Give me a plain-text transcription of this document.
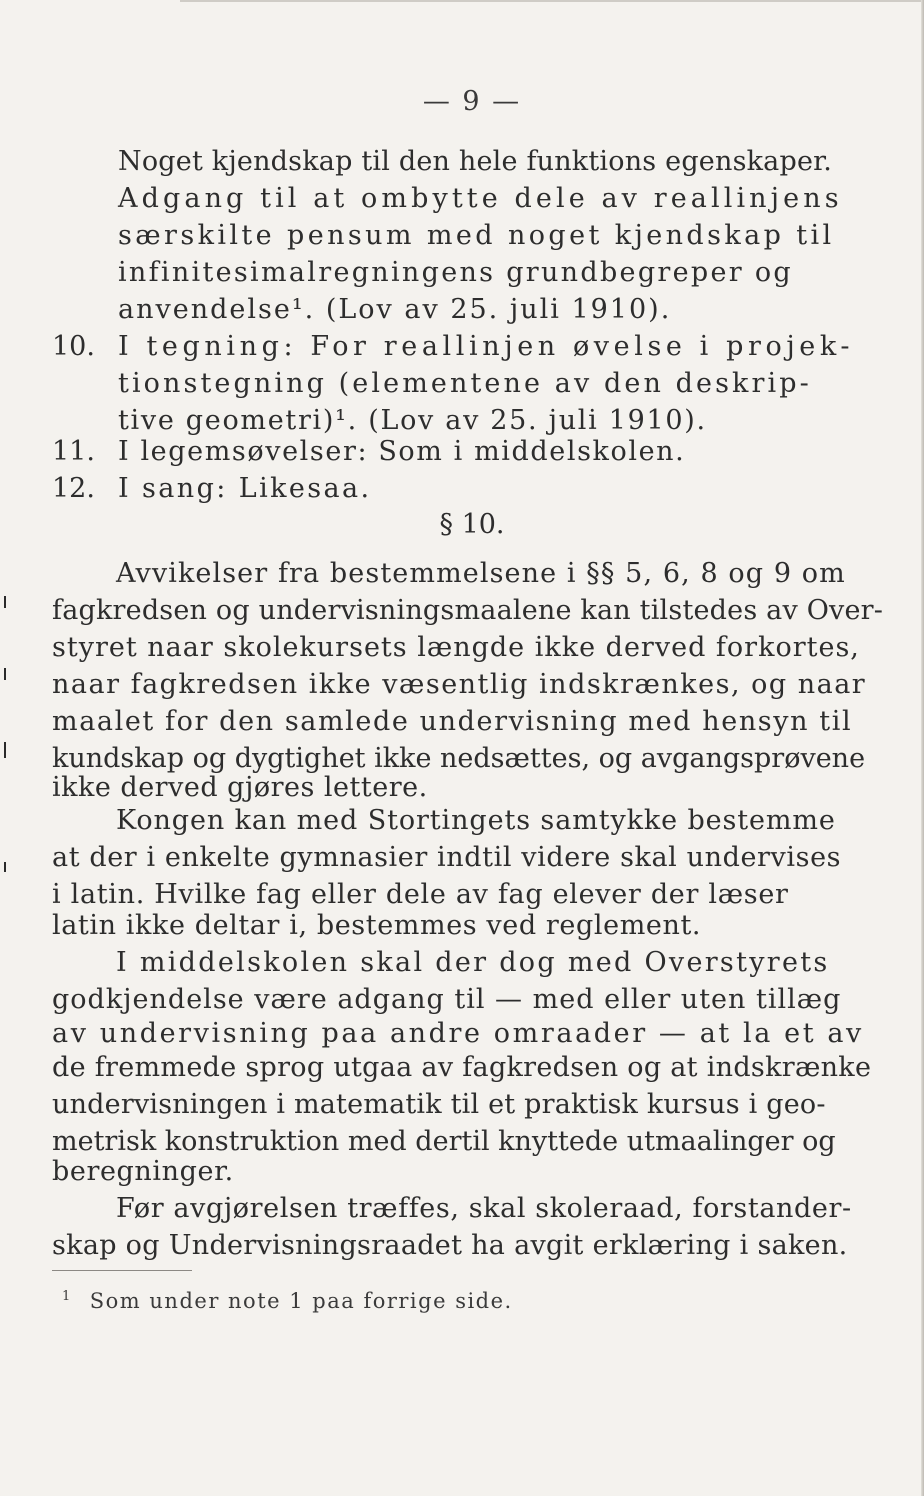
— 9 —
Noget kjendskap til den hele funktions egenskaper.
Adgang til at ombytte dele av reallinjens
særskilte pensum med noget kjendskap til
infinitesimalregningens grundbegreper og
anvendelse¹. (Lov av 25. juli 1910).
10. I tegning: For reallinjen øvelse i projek-
tionstegning (elementene av den deskrip-
tive geometri)¹. (Lov av 25. juli 1910).
11. I legemsøvelser: Som i middelskolen.
12. I sang: Likesaa.
§ 10.
Avvikelser fra bestemmelsene i §§ 5, 6, 8 og 9 om
fagkredsen og undervisningsmaalene kan tilstedes av Over-
styret naar skolekursets længde ikke derved forkortes,
naar fagkredsen ikke væsentlig indskrænkes, og naar
maalet for den samlede undervisning med hensyn til
kundskap og dygtighet ikke nedsættes, og avgangsprøvene
ikke derved gjøres lettere.
Kongen kan med Stortingets samtykke bestemme
at der i enkelte gymnasier indtil videre skal undervises
i latin. Hvilke fag eller dele av fag elever der læser
latin ikke deltar i, bestemmes ved reglement.
I middelskolen skal der dog med Overstyrets
godkjendelse være adgang til — med eller uten tillæg
av undervisning paa andre omraader — at la et av
de fremmede sprog utgaa av fagkredsen og at indskrænke
undervisningen i matematik til et praktisk kursus i geo-
metrisk konstruktion med dertil knyttede utmaalinger og
beregninger.
Før avgjørelsen træffes, skal skoleraad, forstander-
skap og Undervisningsraadet ha avgit erklæring i saken.
$^1$ Som under note 1 paa forrige side.
